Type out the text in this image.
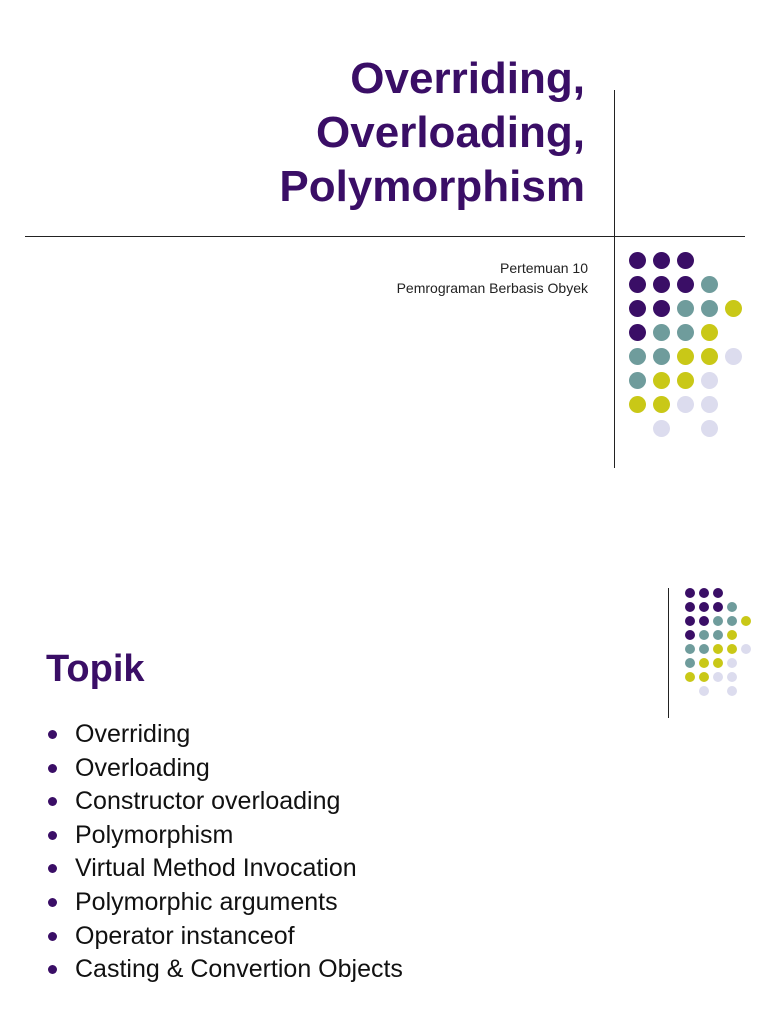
Overriding,
Overloading,
Polymorphism
Pertemuan 10
Pemrograman Berbasis Obyek
Topik
Overriding
Overloading
Constructor overloading
Polymorphism
Virtual Method Invocation
Polymorphic arguments
Operator instanceof
Casting & Convertion Objects
